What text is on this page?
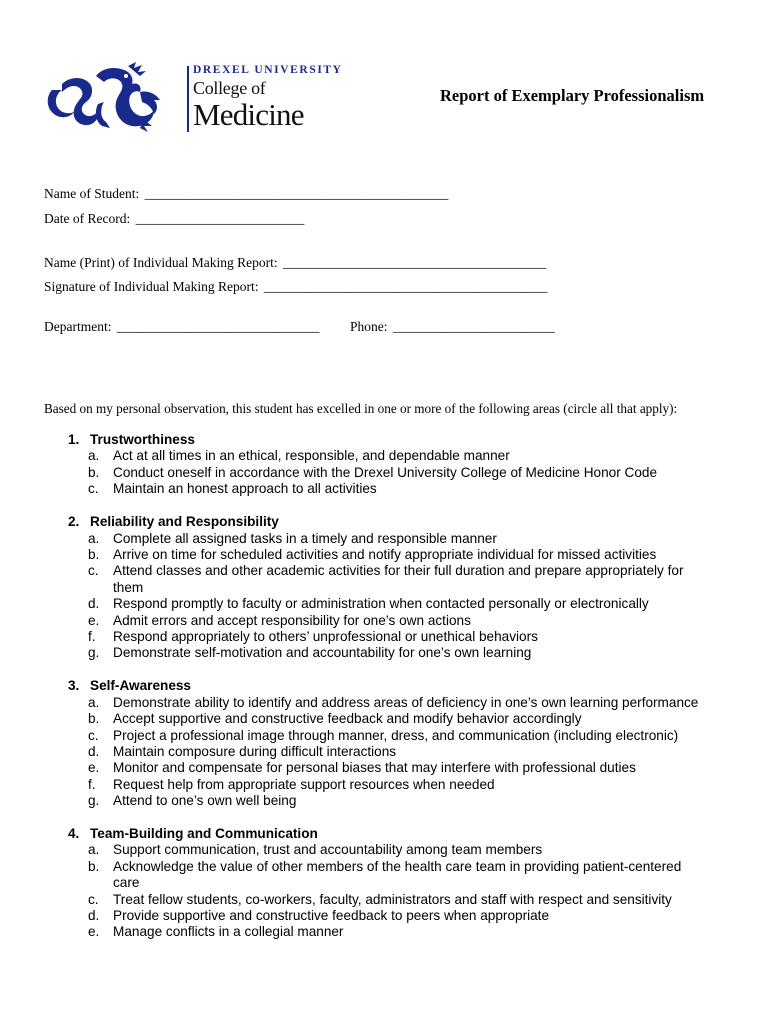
DREXEL UNIVERSITY
College of
Medicine
Report of Exemplary Professionalism
Name of Student: _____________________________________________
Date of Record: _________________________
Name (Print) of Individual Making Report: _______________________________________
Signature of Individual Making Report: __________________________________________
Department: ______________________________ Phone: ________________________
Based on my personal observation, this student has excelled in one or more of the following areas (circle all that apply):
1. Trustworthiness
a.	Act at all times in an ethical, responsible, and dependable manner
b.	Conduct oneself in accordance with the Drexel University College of Medicine Honor Code
c.	Maintain an honest approach to all activities
2. Reliability and Responsibility
a.	Complete all assigned tasks in a timely and responsible manner
b.	Arrive on time for scheduled activities and notify appropriate individual for missed activities
c.	Attend classes and other academic activities for their full duration and prepare appropriately for them
d.	Respond promptly to faculty or administration when contacted personally or electronically
e.	Admit errors and accept responsibility for one’s own actions
f.	Respond appropriately to others’ unprofessional or unethical behaviors
g.	Demonstrate self-motivation and accountability for one’s own learning
3. Self-Awareness
a.	Demonstrate ability to identify and address areas of deficiency in one’s own learning performance
b.	Accept supportive and constructive feedback and modify behavior accordingly
c.	Project a professional image through manner, dress, and communication (including electronic)
d.	Maintain composure during difficult interactions
e.	Monitor and compensate for personal biases that may interfere with professional duties
f.	Request help from appropriate support resources when needed
g.	Attend to one’s own well being
4. Team-Building and Communication
a.	Support communication, trust and accountability among team members
b.	Acknowledge the value of other members of the health care team in providing patient-centered care
c.	Treat fellow students, co-workers, faculty, administrators and staff with respect and sensitivity
d.	Provide supportive and constructive feedback to peers when appropriate
e.	Manage conflicts in a collegial manner
